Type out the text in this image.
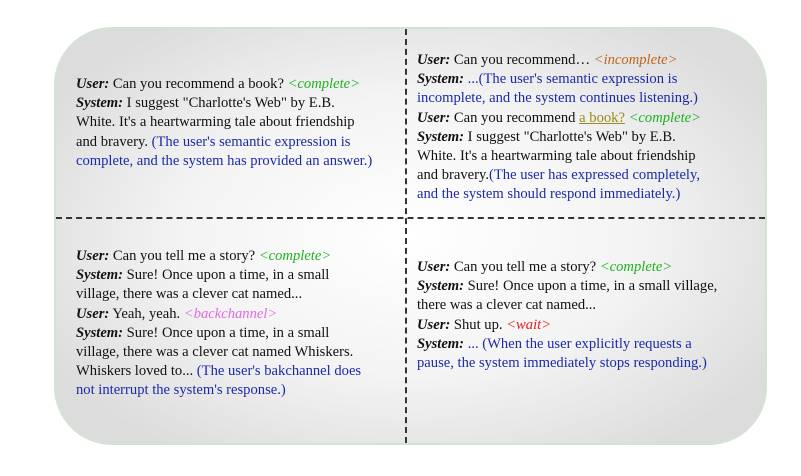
User: Can you recommend a book? <complete>
System: I suggest "Charlotte's Web" by E.B.
White. It's a heartwarming tale about friendship
and bravery. (The user's semantic expression is
complete, and the system has provided an answer.)
User: Can you recommend… <incomplete>
System: ...(The user's semantic expression is
incomplete, and the system continues listening.)
User: Can you recommend a book? <complete>
System: I suggest "Charlotte's Web" by E.B.
White. It's a heartwarming tale about friendship
and bravery.(The user has expressed completely,
and the system should respond immediately.)
User: Can you tell me a story? <complete>
System: Sure! Once upon a time, in a small
village, there was a clever cat named...
User: Yeah, yeah. <backchannel>
System: Sure! Once upon a time, in a small
village, there was a clever cat named Whiskers.
Whiskers loved to... (The user's bakchannel does
not interrupt the system's response.)
User: Can you tell me a story? <complete>
System: Sure! Once upon a time, in a small village,
there was a clever cat named...
User: Shut up. <wait>
System: ... (When the user explicitly requests a
pause, the system immediately stops responding.)
